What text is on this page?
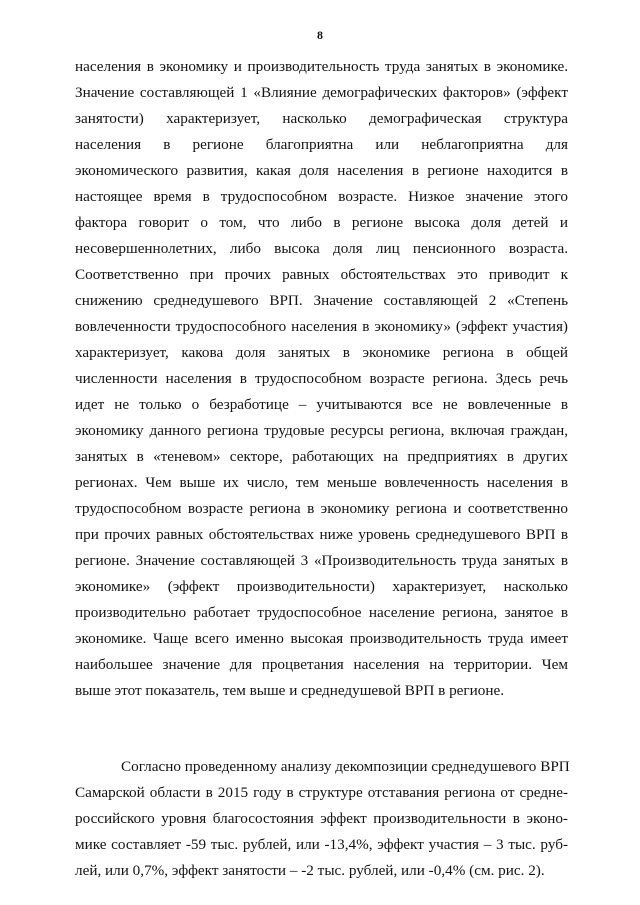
8
населения в экономику и производительность труда занятых в экономике.
Значение составляющей 1 «Влияние демографических факторов» (эффект
занятости) характеризует, насколько демографическая структура
населения в регионе благоприятна или неблагоприятна для
экономического развития, какая доля населения в регионе находится в
настоящее время в трудоспособном возрасте. Низкое значение этого
фактора говорит о том, что либо в регионе высока доля детей и
несовершеннолетних, либо высока доля лиц пенсионного возраста.
Соответственно при прочих равных обстоятельствах это приводит к
снижению среднедушевого ВРП. Значение составляющей 2 «Степень
вовлеченности трудоспособного населения в экономику» (эффект участия)
характеризует, какова доля занятых в экономике региона в общей
численности населения в трудоспособном возрасте региона. Здесь речь
идет не только о безработице – учитываются все не вовлеченные в
экономику данного региона трудовые ресурсы региона, включая граждан,
занятых в «теневом» секторе, работающих на предприятиях в других
регионах. Чем выше их число, тем меньше вовлеченность населения в
трудоспособном возрасте региона в экономику региона и соответственно
при прочих равных обстоятельствах ниже уровень среднедушевого ВРП в
регионе. Значение составляющей 3 «Производительность труда занятых в
экономике» (эффект производительности) характеризует, насколько
производительно работает трудоспособное население региона, занятое в
экономике. Чаще всего именно высокая производительность труда имеет
наибольшее значение для процветания населения на территории. Чем
выше этот показатель, тем выше и среднедушевой ВРП в регионе.
Согласно проведенному анализу декомпозиции среднедушевого ВРП
Самарской области в 2015 году в структуре отставания региона от средне-
российского уровня благосостояния эффект производительности в эконо-
мике составляет -59 тыс. рублей, или -13,4%, эффект участия – 3 тыс. руб-
лей, или 0,7%, эффект занятости – -2 тыс. рублей, или -0,4% (см. рис. 2).
